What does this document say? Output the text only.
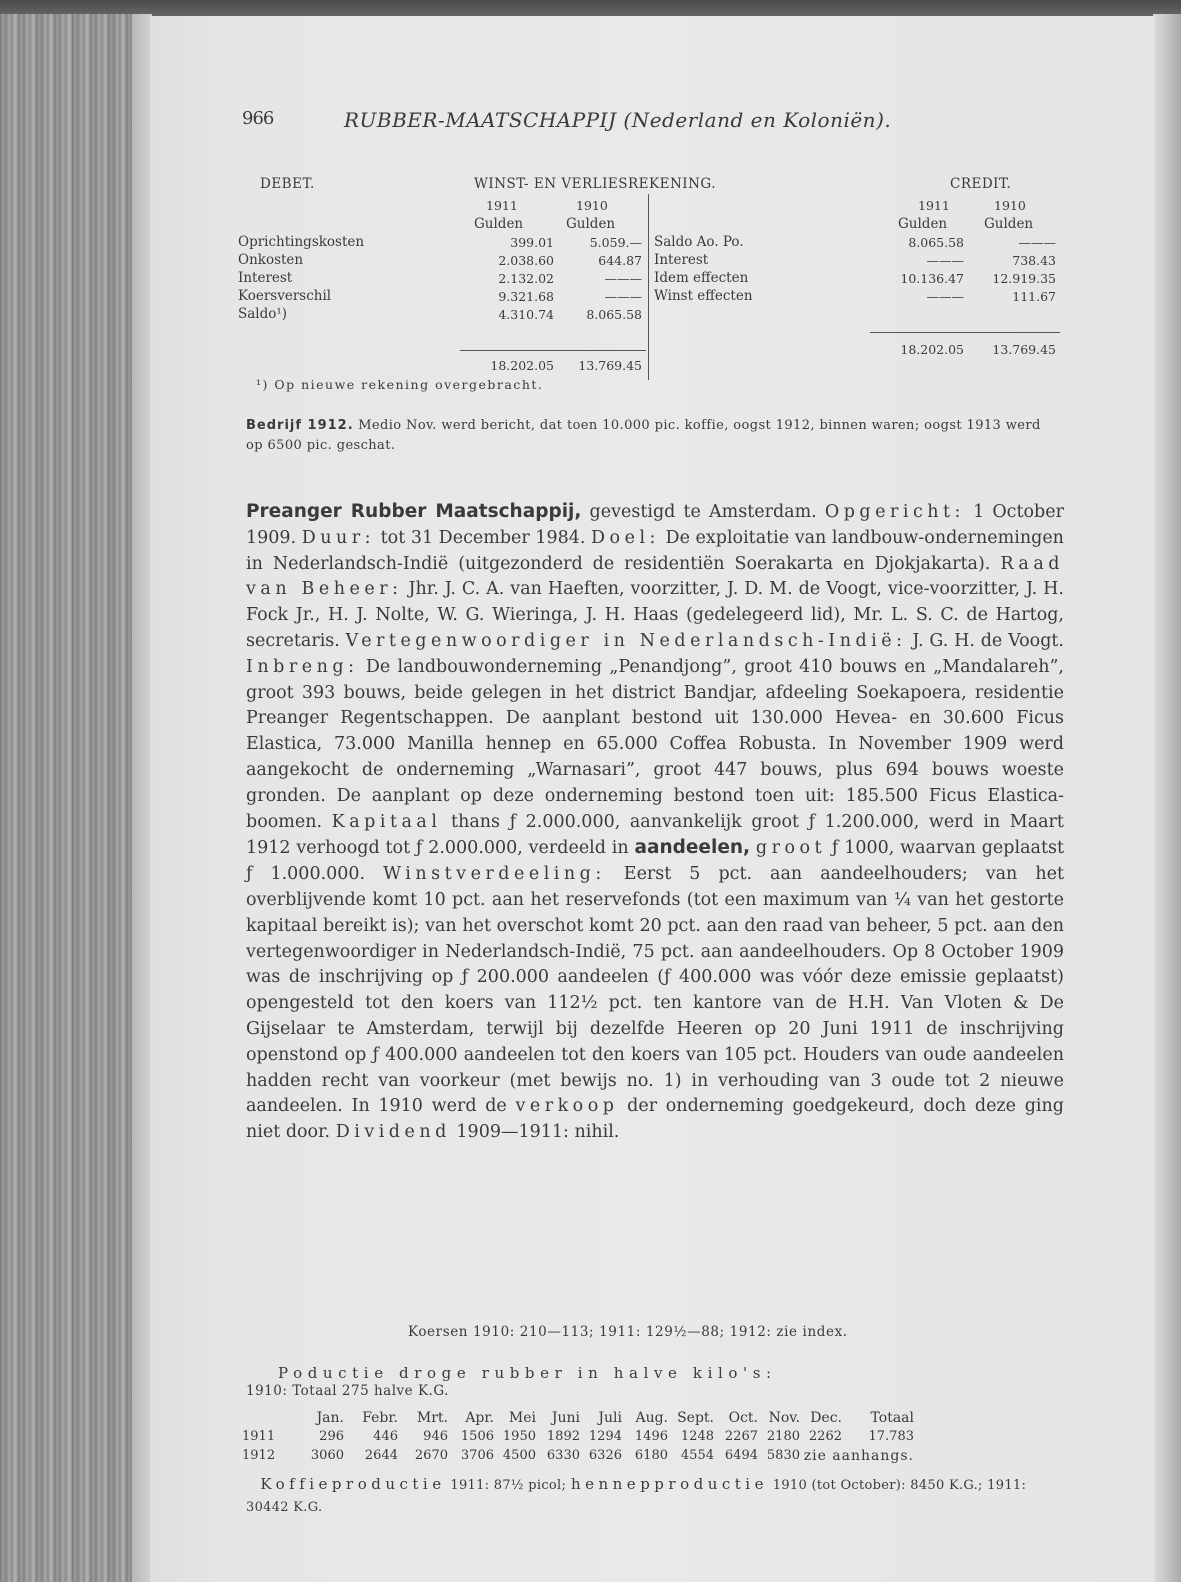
966	RUBBER-MAATSCHAPPIJ (Nederland en Koloniën).
DEBET.	WINST- EN VERLIESREKENING.	CREDIT.
1911	1910
Gulden	Gulden
Oprichtingskosten	399.01	5.059.—
Onkosten	2.038.60	644.87
Interest	2.132.02	———
Koersverschil	9.321.68	———
Saldo¹)	4.310.74	8.065.58
18.202.05	13.769.45
¹) Op nieuwe rekening overgebracht.
1911	1910
Gulden	Gulden
Saldo Ao. Po.	8.065.58	———
Interest	———	738.43
Idem effecten	10.136.47	12.919.35
Winst effecten	———	111.67
18.202.05	13.769.45
Bedrijf 1912. Medio Nov. werd bericht, dat toen 10.000 pic. koffie, oogst 1912, binnen waren; oogst 1913 werd op 6500 pic. geschat.

Preanger Rubber Maatschappij, gevestigd te Amsterdam. Opgericht: 1 October 1909. Duur: tot 31 December 1984. Doel: De exploitatie van landbouw-ondernemingen in Nederlandsch-Indië (uitgezonderd de residentiën Soerakarta en Djokjakarta). Raad van Beheer: Jhr. J. C. A. van Haeften, voorzitter, J. D. M. de Voogt, vice-voorzitter, J. H. Fock Jr., H. J. Nolte, W. G. Wieringa, J. H. Haas (gedelegeerd lid), Mr. L. S. C. de Hartog, secretaris. Vertegenwoordiger in Nederlandsch-Indië: J. G. H. de Voogt. Inbreng: De landbouwonderneming „Penandjong”, groot 410 bouws en „Mandalareh”, groot 393 bouws, beide gelegen in het district Bandjar, afdeeling Soekapoera, residentie Preanger Regentschappen. De aanplant bestond uit 130.000 Hevea- en 30.600 Ficus Elastica, 73.000 Manilla hennep en 65.000 Coffea Robusta. In November 1909 werd aangekocht de onderneming „Warnasari”, groot 447 bouws, plus 694 bouws woeste gronden. De aanplant op deze onderneming bestond toen uit: 185.500 Ficus Elastica-boomen. Kapitaal thans ƒ 2.000.000, aanvankelijk groot ƒ 1.200.000, werd in Maart 1912 verhoogd tot ƒ 2.000.000, verdeeld in aandeelen, groot ƒ 1000, waarvan geplaatst ƒ 1.000.000. Winstverdeeling: Eerst 5 pct. aan aandeelhouders; van het overblijvende komt 10 pct. aan het reservefonds (tot een maximum van ¼ van het gestorte kapitaal bereikt is); van het overschot komt 20 pct. aan den raad van beheer, 5 pct. aan den vertegenwoordiger in Nederlandsch-Indië, 75 pct. aan aandeelhouders. Op 8 October 1909 was de inschrijving op ƒ 200.000 aandeelen (ƒ 400.000 was vóór deze emissie geplaatst) opengesteld tot den koers van 112½ pct. ten kantore van de H.H. Van Vloten & De Gijselaar te Amsterdam, terwijl bij dezelfde Heeren op 20 Juni 1911 de inschrijving openstond op ƒ 400.000 aandeelen tot den koers van 105 pct. Houders van oude aandeelen hadden recht van voorkeur (met bewijs no. 1) in verhouding van 3 oude tot 2 nieuwe aandeelen. In 1910 werd de verkoop der onderneming goedgekeurd, doch deze ging niet door. Dividend 1909—1911: nihil.

Koersen 1910: 210—113; 1911: 129½—88; 1912: zie index.
Poductie droge rubber in halve kilo's:
1910: Totaal 275 halve K.G.
	Jan.	Febr.	Mrt.	Apr.	Mei	Juni	Juli	Aug.	Sept.	Oct.	Nov.	Dec.	Totaal
1911	296	446	946	1506	1950	1892	1294	1496	1248	2267	2180	2262	17.783
1912	3060	2644	2670	3706	4500	6330	6326	6180	4554	6494	5830	zie aanhangs.	
Koffieproductie 1911: 87½ picol; hennepproductie 1910 (tot October): 8450 K.G.; 1911: 30442 K.G.
